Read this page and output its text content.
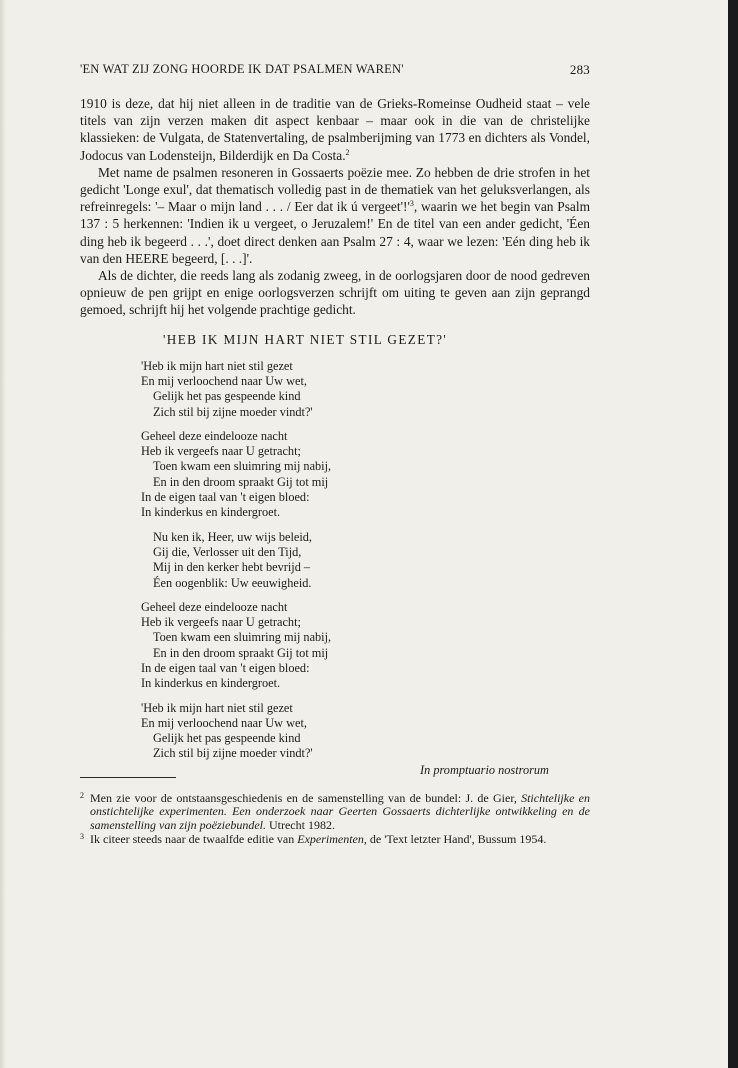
'EN WAT ZIJ ZONG HOORDE IK DAT PSALMEN WAREN'	283

1910 is deze, dat hij niet alleen in de traditie van de Grieks-Romeinse Oudheid staat – vele titels van zijn verzen maken dit aspect kenbaar – maar ook in die van de christelijke klassieken: de Vulgata, de Statenvertaling, de psalmberijming van 1773 en dichters als Vondel, Jodocus van Lodensteijn, Bilderdijk en Da Costa.$^2$

Met name de psalmen resoneren in Gossaerts poëzie mee. Zo hebben de drie strofen in het gedicht 'Longe exul', dat thematisch volledig past in de thematiek van het geluksverlangen, als refreinregels: '– Maar o mijn land . . . / Eer dat ik ú $vergeet'!'^3$, waarin we het begin van Psalm 137 : 5 herkennen: 'Indien ik u vergeet, o Jeruzalem!' En de titel van een ander gedicht, 'Éen ding heb ik begeerd . . .', doet direct denken aan Psalm 27 : 4, waar we lezen: 'Eén ding heb ik van den HEERE begeerd, [. . .]'.

Als de dichter, die reeds lang als zodanig zweeg, in de oorlogsjaren door de nood gedreven opnieuw de pen grijpt en enige oorlogsverzen schrijft om uiting te geven aan zijn geprangd gemoed, schrijft hij het volgende prachtige gedicht.

'HEB IK MIJN HART NIET STIL GEZET?'
'Heb ik mijn hart niet stil gezet
En mij verloochend naar Uw wet,
Gelijk het pas gespeende kind
Zich stil bij zijne moeder vindt?'
Geheel deze eindelooze nacht
Heb ik vergeefs naar U getracht;
Toen kwam een sluimring mij nabij,
En in den droom spraakt Gij tot mij
In de eigen taal van 't eigen bloed:
In kinderkus en kindergroet.
Nu ken ik, Heer, uw wijs beleid,
Gij die, Verlosser uit den Tijd,
Mij in den kerker hebt bevrijd –
Éen oogenblik: Uw eeuwigheid.
Geheel deze eindelooze nacht
Heb ik vergeefs naar U getracht;
Toen kwam een sluimring mij nabij,
En in den droom spraakt Gij tot mij
In de eigen taal van 't eigen bloed:
In kinderkus en kindergroet.
'Heb ik mijn hart niet stil gezet
En mij verloochend naar Uw wet,
Gelijk het pas gespeende kind
Zich stil bij zijne moeder vindt?'
In promptuario nostrorum
2 Men zie voor de ontstaansgeschiedenis en de samenstelling van de bundel: J. de Gier, Stichtelijke en onstichtelijke experimenten. Een onderzoek naar Geerten Gossaerts dichterlijke ontwikkeling en de samenstelling van zijn poëziebundel. Utrecht 1982.
3 Ik citeer steeds naar de twaalfde editie van Experimenten, de 'Text letzter Hand', Bussum 1954.
